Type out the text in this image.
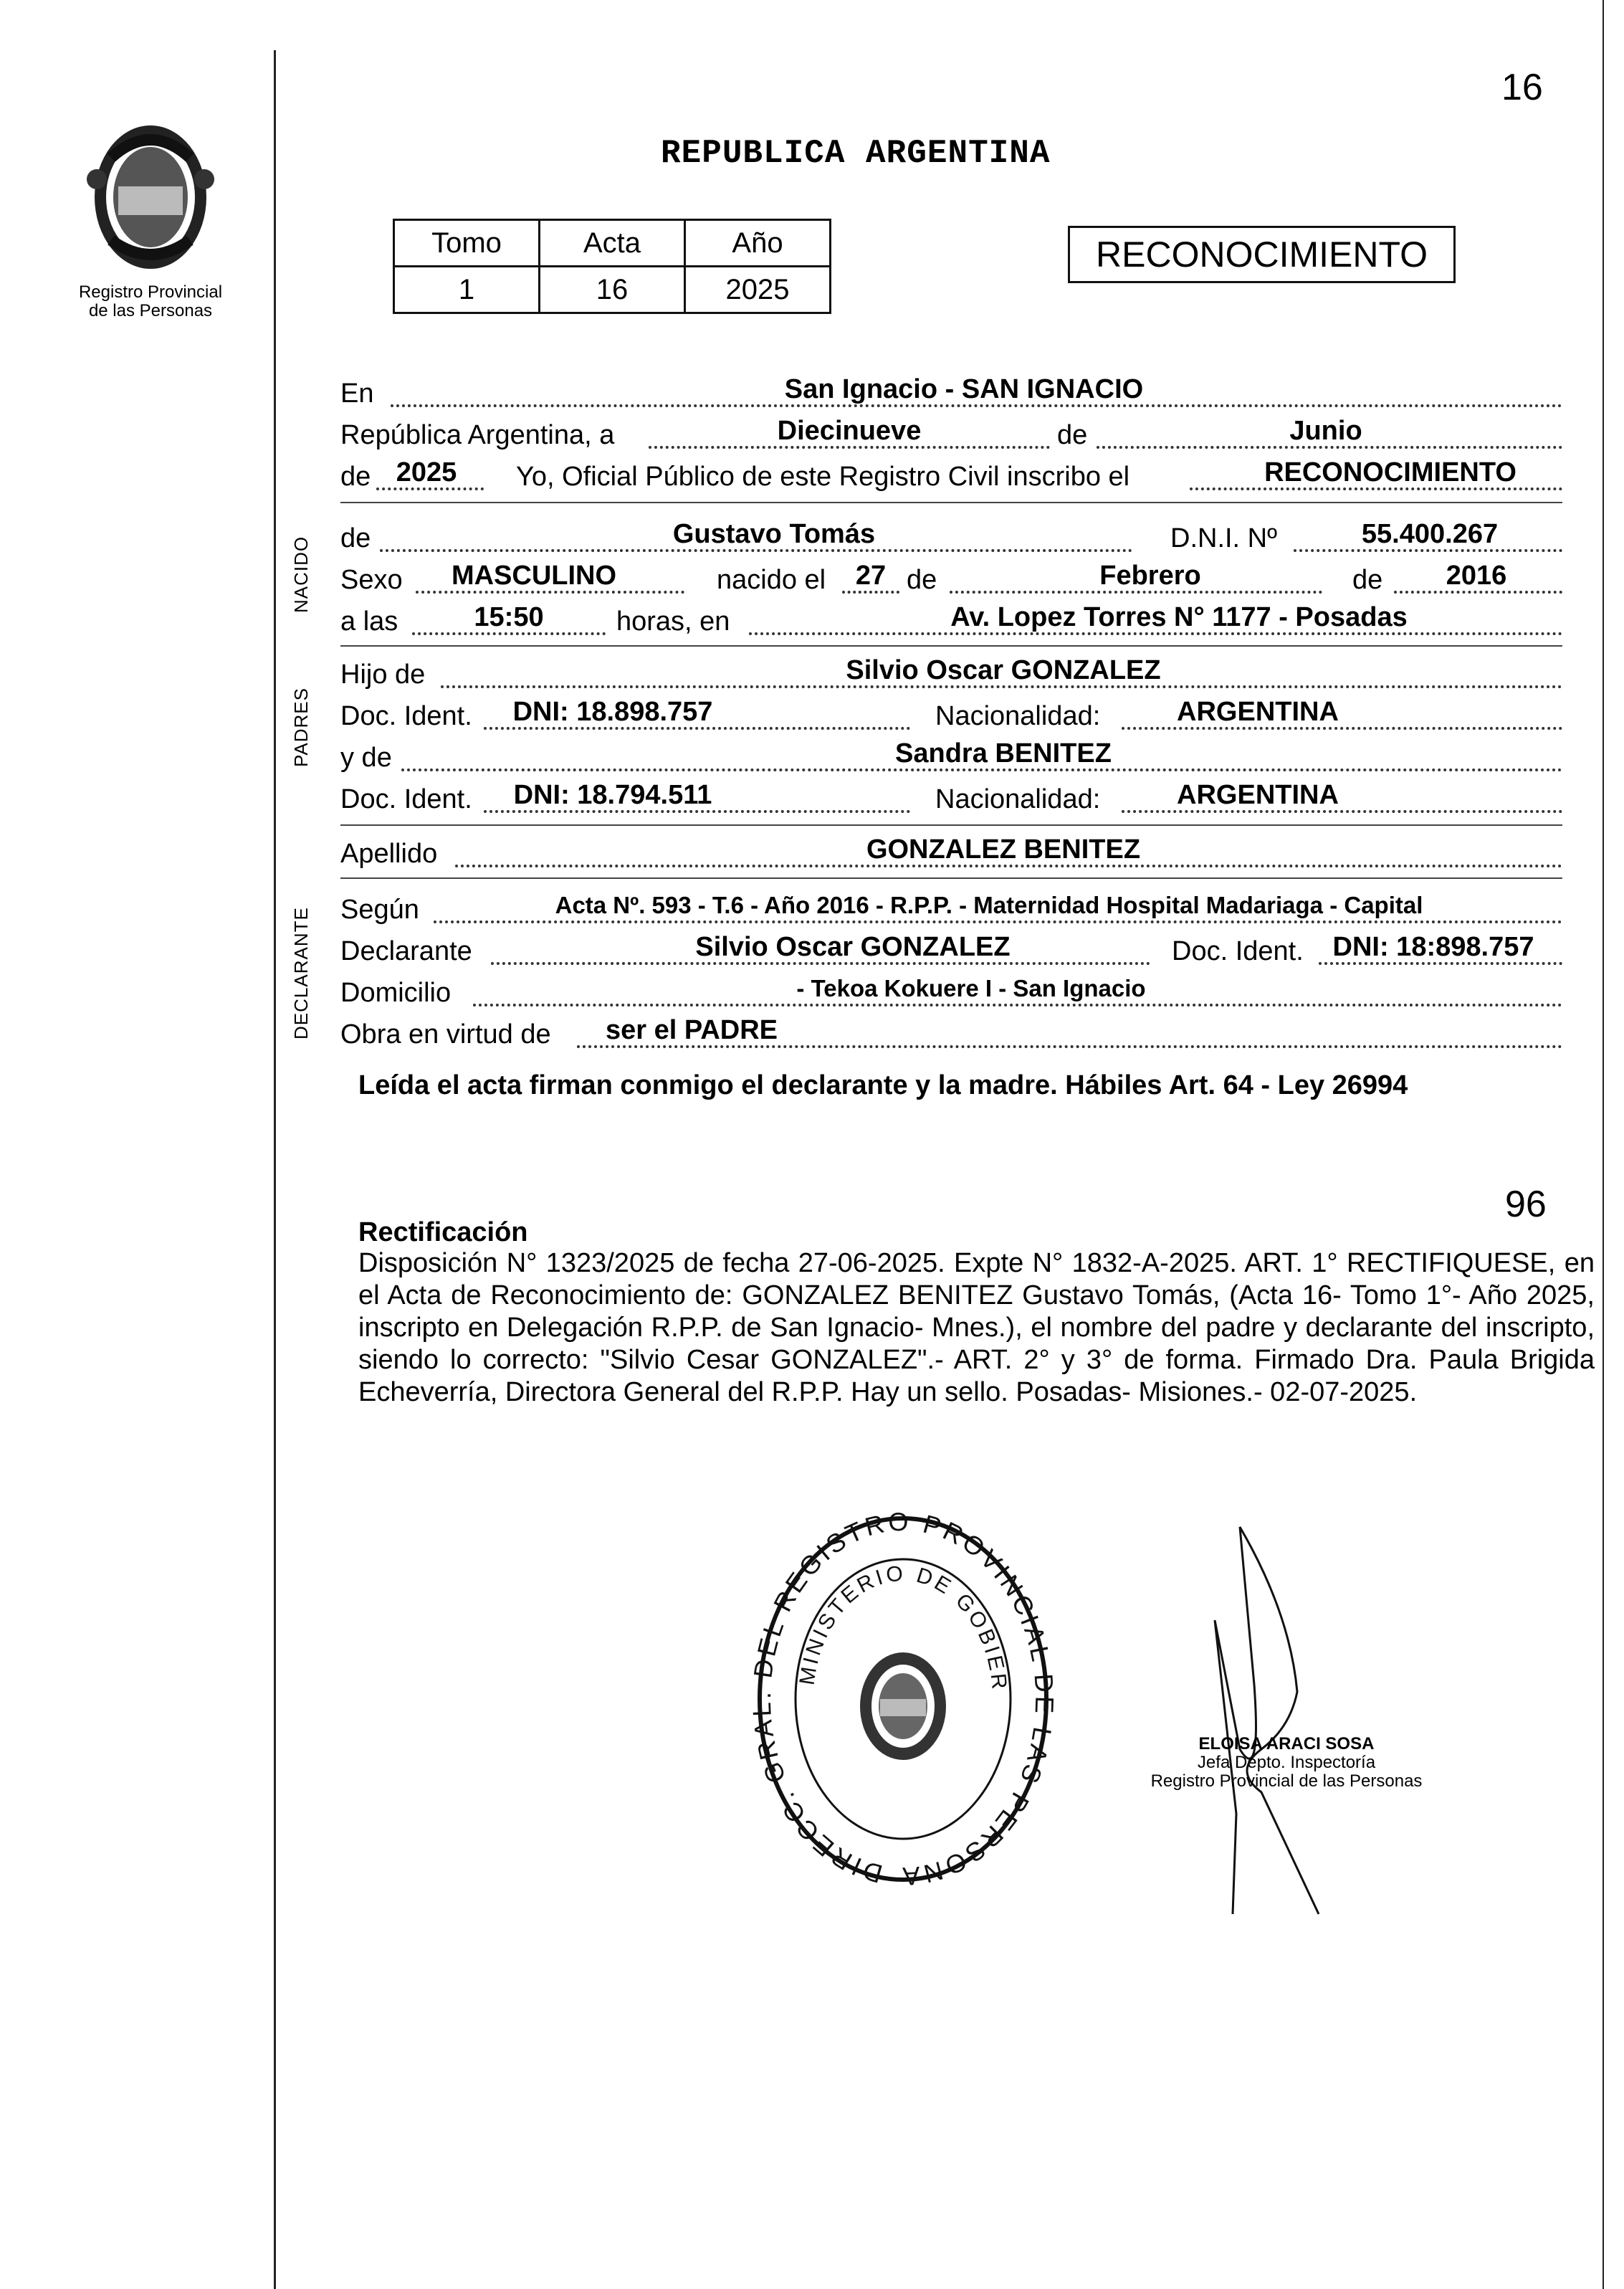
Registro Provincial
de las Personas
16
REPUBLICA ARGENTINA
Tomo	Acta	Año
1	16	2025
RECONOCIMIENTO
NACIDO
PADRES
DECLARANTE
En	San Ignacio - SAN IGNACIO
República Argentina, a	Diecinueve	de	Junio
de 2025	Yo, Oficial Público de este Registro Civil inscribo el	RECONOCIMIENTO
de	Gustavo Tomás	D.N.I. Nº	55.400.267
Sexo	MASCULINO	nacido el 27 de	Febrero	de	2016
a las	15:50	horas, en	Av. Lopez Torres N° 1177 - Posadas
Hijo de	Silvio Oscar GONZALEZ
Doc. Ident.	DNI: 18.898.757	Nacionalidad:	ARGENTINA
y de	Sandra BENITEZ
Doc. Ident.	DNI: 18.794.511	Nacionalidad:	ARGENTINA
Apellido	GONZALEZ BENITEZ
Según	Acta Nº. 593 - T.6 - Año 2016 - R.P.P. - Maternidad Hospital Madariaga - Capital
Declarante	Silvio Oscar GONZALEZ	Doc. Ident.	DNI: 18:898.757
Domicilio	- Tekoa Kokuere I - San Ignacio
Obra en virtud de	ser el PADRE
Leída el acta firman conmigo el declarante y la madre. Hábiles Art. 64 - Ley 26994
96
Rectificación
Disposición N° 1323/2025 de fecha 27-06-2025. Expte N° 1832-A-2025. ART. 1° RECTIFIQUESE, en el Acta de Reconocimiento de: GONZALEZ BENITEZ Gustavo Tomás, (Acta 16- Tomo 1°- Año 2025, inscripto en Delegación R.P.P. de San Ignacio- Mnes.), el nombre del padre y declarante del inscripto, siendo lo correcto: "Silvio Cesar GONZALEZ".- ART. 2° y 3° de forma. Firmado Dra. Paula Brigida Echeverría, Directora General del R.P.P. Hay un sello. Posadas- Misiones.- 02-07-2025.
DIRECC. GR EL REGISTRO PROVINCIAL AS PERSONA
MINISTERIO DE GOBIER
ELOISA ARACI SOSA
Jefa Depto. Inspectoría
Registro Provincial de las Personas
